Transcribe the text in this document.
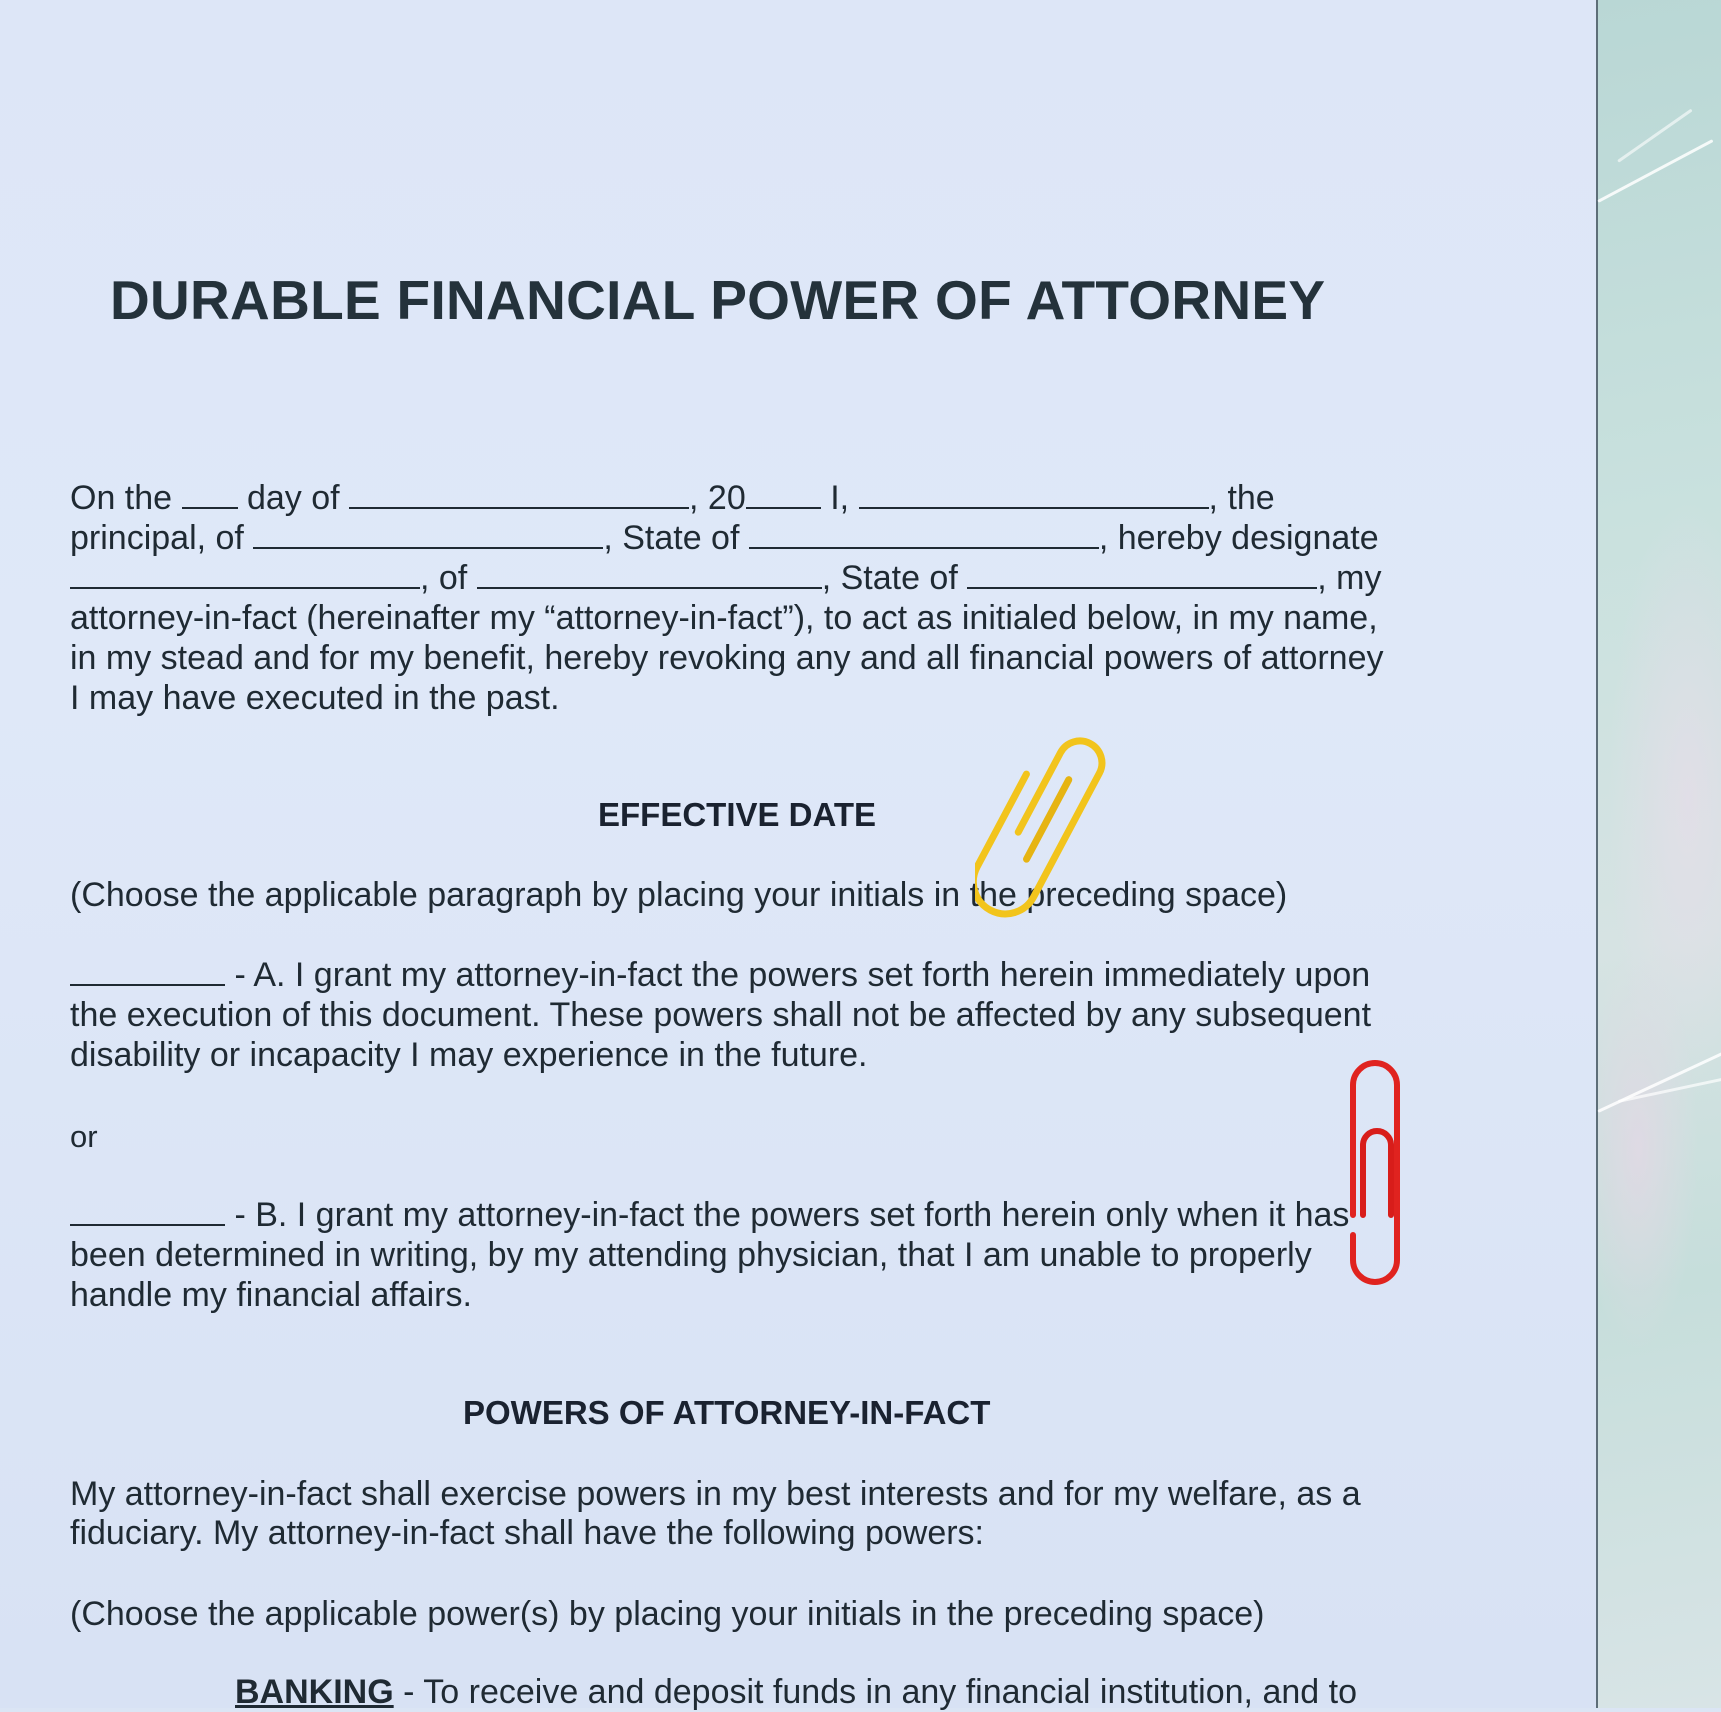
DURABLE FINANCIAL POWER OF ATTORNEY
On the  day of	, 20 I,	, the
principal, of	, State of	, hereby designate
, of	, State of	, my
attorney-in-fact (hereinafter my “attorney-in-fact”), to act as initialed below, in my name,
in my stead and for my benefit, hereby revoking any and all financial powers of attorney
I may have executed in the past.
EFFECTIVE DATE
(Choose the applicable paragraph by placing your initials in the preceding space)
- A. I grant my attorney-in-fact the powers set forth herein immediately upon
the execution of this document. These powers shall not be affected by any subsequent
disability or incapacity I may experience in the future.
or
- B. I grant my attorney-in-fact the powers set forth herein only when it has
been determined in writing, by my attending physician, that I am unable to properly
handle my financial affairs.
POWERS OF ATTORNEY-IN-FACT
My attorney-in-fact shall exercise powers in my best interests and for my welfare, as a
fiduciary. My attorney-in-fact shall have the following powers:
(Choose the applicable power(s) by placing your initials in the preceding space)
BANKING - To receive and deposit funds in any financial institution, and to
